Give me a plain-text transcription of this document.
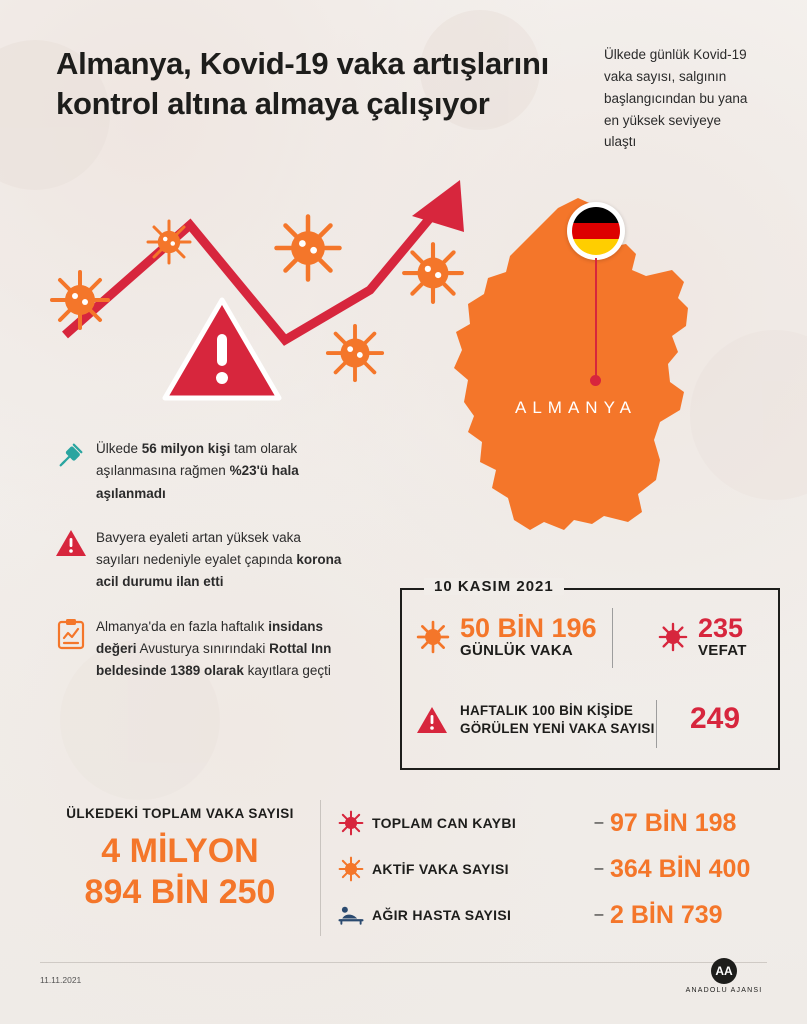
Almanya, Kovid-19 vaka artışlarını kontrol altına almaya çalışıyor
Ülkede günlük Kovid-19 vaka sayısı, salgının başlangıcından bu yana en yüksek seviyeye ulaştı
ALMANYA
Ülkede 56 milyon kişi tam olarak aşılanmasına rağmen %23'ü hala aşılanmadı
Bavyera eyaleti artan yüksek vaka sayıları nedeniyle eyalet çapında korona acil durumu ilan etti
Almanya'da en fazla haftalık insidans değeri Avusturya sınırındaki Rottal Inn beldesinde 1389 olarak kayıtlara geçti
10 KASIM 2021
50 BİN 196
GÜNLÜK VAKA
235
VEFAT
HAFTALIK 100 BİN KİŞİDE
GÖRÜLEN YENİ VAKA SAYISI 249
ÜLKEDEKİ TOPLAM VAKA SAYISI
4 MİLYON
894 BİN 250
TOPLAM CAN KAYBI	– 97 BİN 198
AKTİF VAKA SAYISI	– 364 BİN 400
AĞIR HASTA SAYISI	– 2 BİN 739
11.11.2021
AA
ANADOLU AJANSI
